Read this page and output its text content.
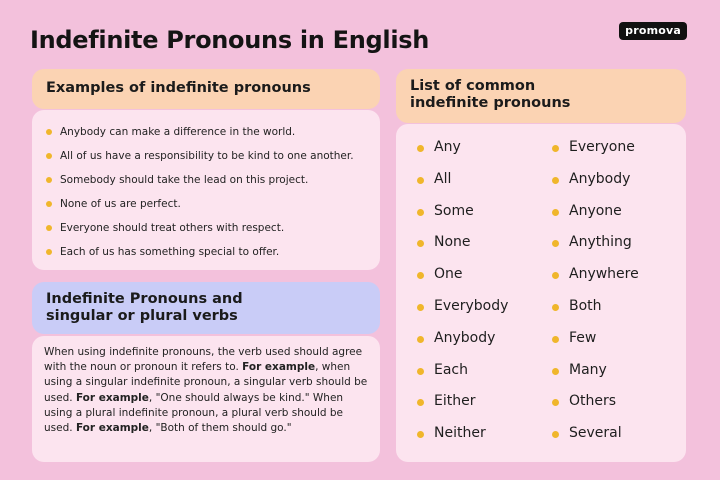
Indefinite Pronouns in English	promova
Examples of indefinite pronouns
Anybody can make a difference in the world.
All of us have a responsibility to be kind to one another.
Somebody should take the lead on this project.
None of us are perfect.
Everyone should treat others with respect.
Each of us has something special to offer.
Indefinite Pronouns and
singular or plural verbs
When using indefinite pronouns, the verb used should agree with the noun or pronoun it refers to. For example, when using a singular indefinite pronoun, a singular verb should be used. For example, "One should always be kind." When using a plural indefinite pronoun, a plural verb should be used. For example, "Both of them should go."
List of common
indefinite pronouns
Any
All
Some
None
One
Everybody
Anybody
Each
Either
Neither
Everyone
Anybody
Anyone
Anything
Anywhere
Both
Few
Many
Others
Several
